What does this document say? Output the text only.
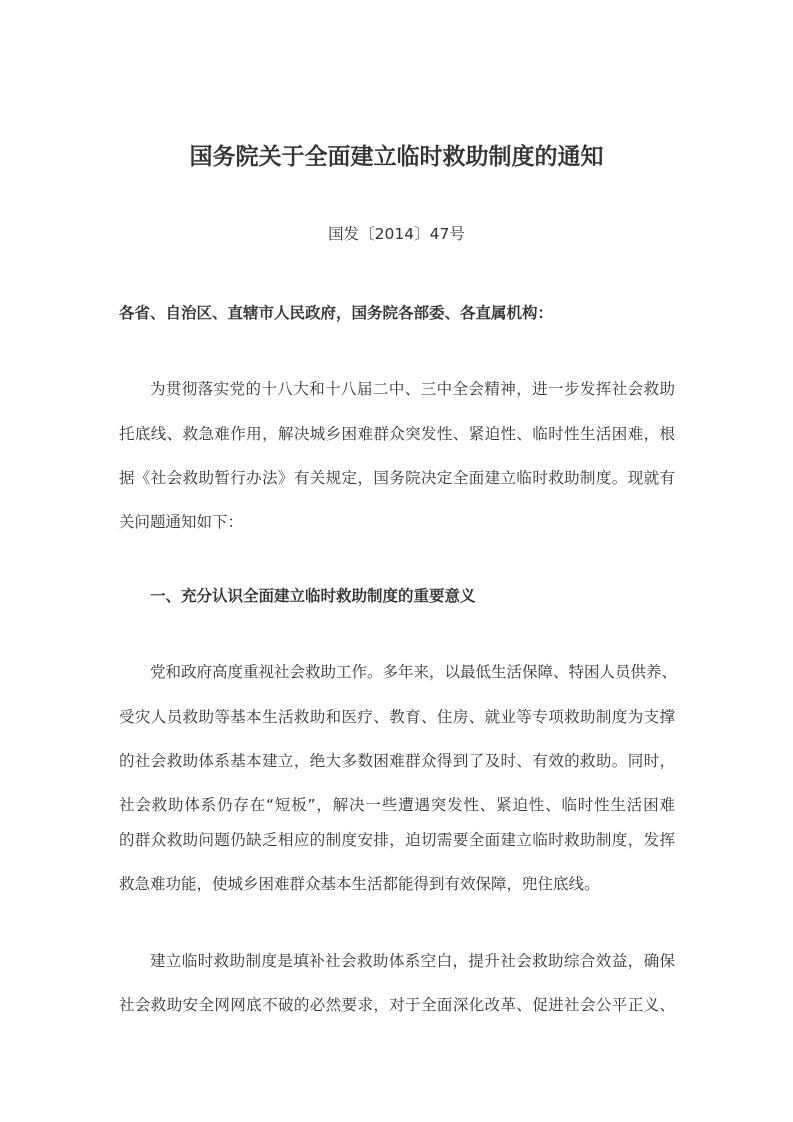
国务院关于全面建立临时救助制度的通知
国发〔2014〕47号
各省、自治区、直辖市人民政府，国务院各部委、各直属机构：
为贯彻落实党的十八大和十八届二中、三中全会精神，进一步发挥社会救助
托底线、救急难作用，解决城乡困难群众突发性、紧迫性、临时性生活困难，根
据《社会救助暂行办法》有关规定，国务院决定全面建立临时救助制度。现就有
关问题通知如下：
一、充分认识全面建立临时救助制度的重要意义
党和政府高度重视社会救助工作。多年来，以最低生活保障、特困人员供养、
受灾人员救助等基本生活救助和医疗、教育、住房、就业等专项救助制度为支撑
的社会救助体系基本建立，绝大多数困难群众得到了及时、有效的救助。同时，
社会救助体系仍存在“短板”，解决一些遭遇突发性、紧迫性、临时性生活困难
的群众救助问题仍缺乏相应的制度安排，迫切需要全面建立临时救助制度，发挥
救急难功能，使城乡困难群众基本生活都能得到有效保障，兜住底线。
建立临时救助制度是填补社会救助体系空白，提升社会救助综合效益，确保
社会救助安全网网底不破的必然要求，对于全面深化改革、促进社会公平正义、
